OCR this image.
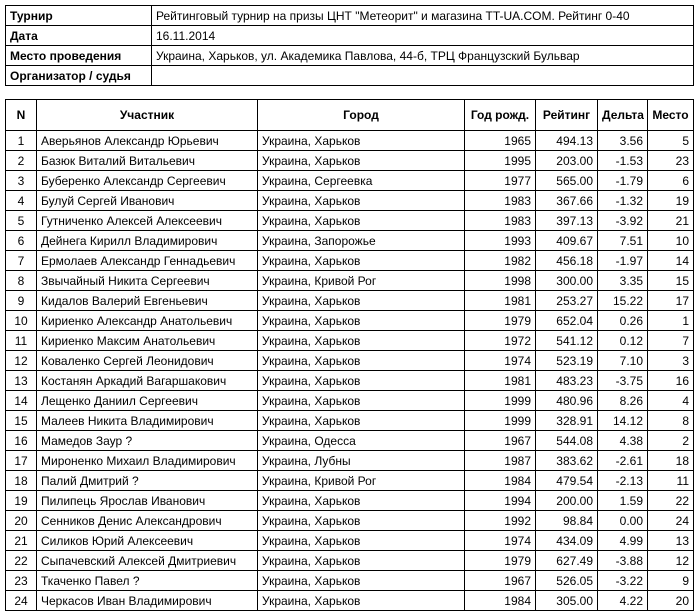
Турнир	Рейтинговый турнир на призы ЦНТ "Метеорит" и магазина TT-UA.COM. Рейтинг 0-40
Дата	16.11.2014
Место проведения	Украина, Харьков, ул. Академика Павлова, 44-б, ТРЦ Французский Бульвар
Организатор / судья	
N	Участник	Город	Год рожд.	Рейтинг	Дельта	Место
1	Аверьянов Александр Юрьевич	Украина, Харьков	1965	494.13	3.56	5
2	Базюк Виталий Витальевич	Украина, Харьков	1995	203.00	-1.53	23
3	Буберенко Александр Сергеевич	Украина, Сергеевка	1977	565.00	-1.79	6
4	Булуй Сергей Иванович	Украина, Харьков	1983	367.66	-1.32	19
5	Гутниченко Алексей Алексеевич	Украина, Харьков	1983	397.13	-3.92	21
6	Дейнега Кирилл Владимирович	Украина, Запорожье	1993	409.67	7.51	10
7	Ермолаев Александр Геннадьевич	Украина, Харьков	1982	456.18	-1.97	14
8	Звычайный Никита Сергеевич	Украина, Кривой Рог	1998	300.00	3.35	15
9	Кидалов Валерий Евгеньевич	Украина, Харьков	1981	253.27	15.22	17
10	Кириенко Александр Анатольевич	Украина, Харьков	1979	652.04	0.26	1
11	Кириенко Максим Анатольевич	Украина, Харьков	1972	541.12	0.12	7
12	Коваленко Сергей Леонидович	Украина, Харьков	1974	523.19	7.10	3
13	Костанян Аркадий Вагаршакович	Украина, Харьков	1981	483.23	-3.75	16
14	Лещенко Даниил Сергеевич	Украина, Харьков	1999	480.96	8.26	4
15	Малеев Никита Владимирович	Украина, Харьков	1999	328.91	14.12	8
16	Мамедов Заур ?	Украина, Одесса	1967	544.08	4.38	2
17	Мироненко Михаил Владимирович	Украина, Лубны	1987	383.62	-2.61	18
18	Палий Дмитрий ?	Украина, Кривой Рог	1984	479.54	-2.13	11
19	Пилипець Ярослав Иванович	Украина, Харьков	1994	200.00	1.59	22
20	Сенников Денис Александрович	Украина, Харьков	1992	98.84	0.00	24
21	Силиков Юрий Алексеевич	Украина, Харьков	1974	434.09	4.99	13
22	Сыпачевский Алексей Дмитриевич	Украина, Харьков	1979	627.49	-3.88	12
23	Ткаченко Павел ?	Украина, Харьков	1967	526.05	-3.22	9
24	Черкасов Иван Владимирович	Украина, Харьков	1984	305.00	4.22	20
